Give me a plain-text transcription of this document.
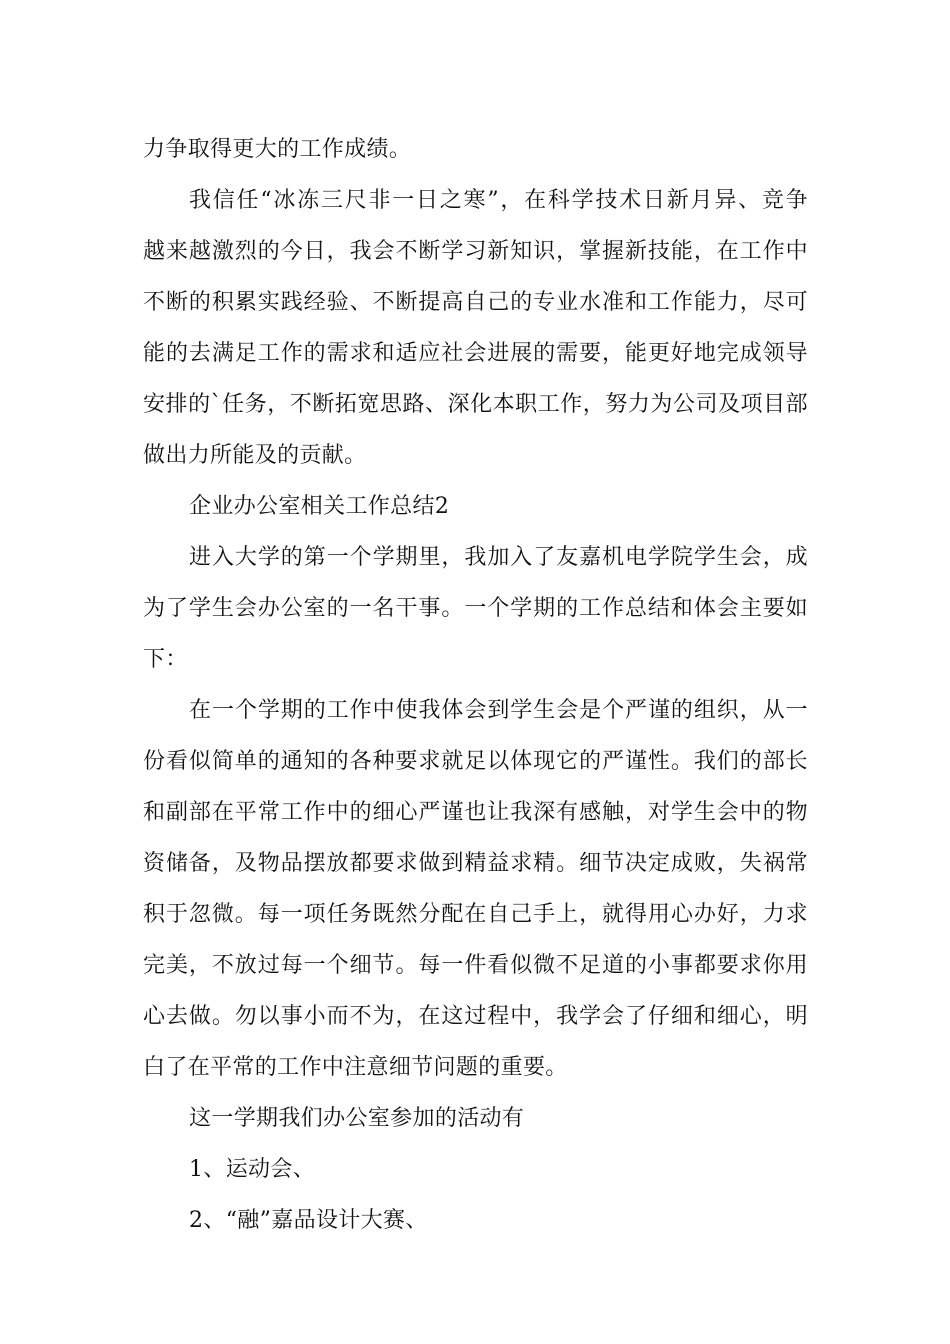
力争取得更大的工作成绩。
我信任“冰冻三尺非一日之寒”，在科学技术日新月异、竞争
越来越激烈的今日，我会不断学习新知识，掌握新技能，在工作中
不断的积累实践经验、不断提高自己的专业水准和工作能力，尽可
能的去满足工作的需求和适应社会进展的需要，能更好地完成领导
安排的`任务，不断拓宽思路、深化本职工作，努力为公司及项目部
做出力所能及的贡献。
企业办公室相关工作总结2
进入大学的第一个学期里，我加入了友嘉机电学院学生会，成
为了学生会办公室的一名干事。一个学期的工作总结和体会主要如
下：
在一个学期的工作中使我体会到学生会是个严谨的组织，从一
份看似简单的通知的各种要求就足以体现它的严谨性。我们的部长
和副部在平常工作中的细心严谨也让我深有感触，对学生会中的物
资储备，及物品摆放都要求做到精益求精。细节决定成败，失祸常
积于忽微。每一项任务既然分配在自己手上，就得用心办好，力求
完美，不放过每一个细节。每一件看似微不足道的小事都要求你用
心去做。勿以事小而不为，在这过程中，我学会了仔细和细心，明
白了在平常的工作中注意细节问题的重要。
这一学期我们办公室参加的活动有
1、运动会、
2、“融”嘉品设计大赛、
